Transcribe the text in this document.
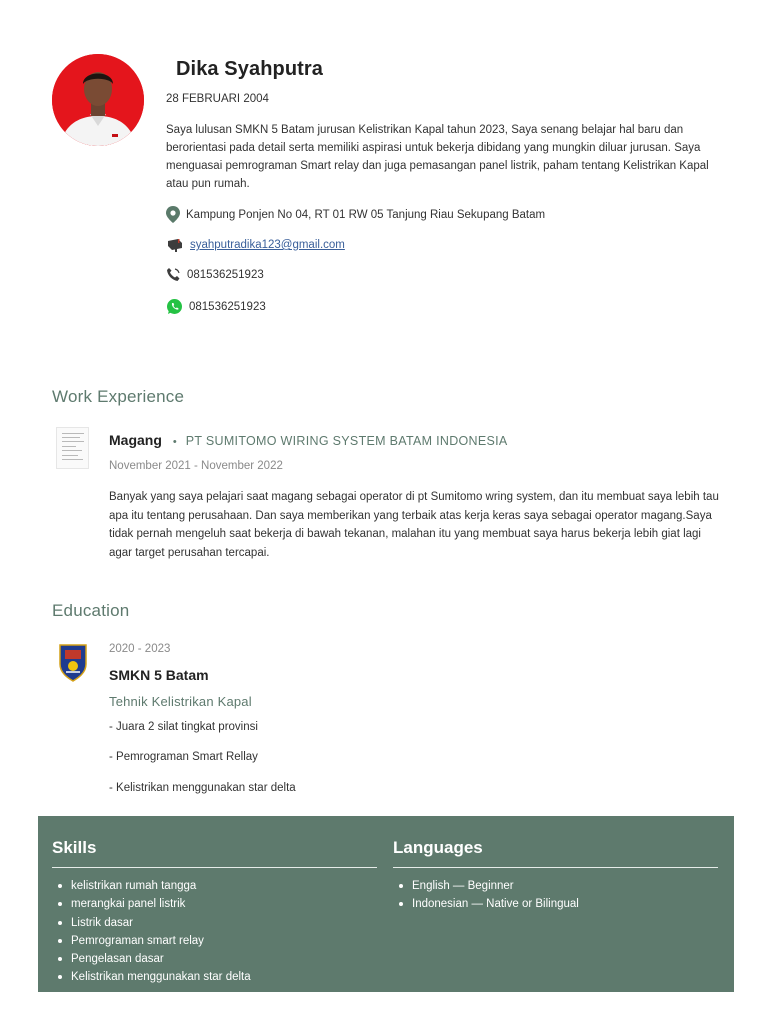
Dika Syahputra
28 FEBRUARI 2004
Saya lulusan SMKN 5 Batam jurusan Kelistrikan Kapal tahun 2023, Saya senang belajar hal baru dan berorientasi pada detail serta memiliki aspirasi untuk bekerja dibidang yang mungkin diluar jurusan. Saya menguasai pemrograman Smart relay dan juga pemasangan panel listrik, paham tentang Kelistrikan Kapal atau pun rumah.
Kampung Ponjen No 04, RT 01 RW 05 Tanjung Riau Sekupang Batam
syahputradika123@gmail.com
081536251923
081536251923
Work Experience
Magang • PT SUMITOMO WIRING SYSTEM BATAM INDONESIA
November 2021 - November 2022
Banyak yang saya pelajari saat magang sebagai operator di pt Sumitomo wring system, dan itu membuat saya lebih tau apa itu tentang perusahaan. Dan saya memberikan yang terbaik atas kerja keras saya sebagai operator magang.Saya tidak pernah mengeluh saat bekerja di bawah tekanan, malahan itu yang membuat saya harus bekerja lebih giat lagi agar target perusahan tercapai.
Education
2020 - 2023
SMKN 5 Batam
Tehnik Kelistrikan Kapal
- Juara 2 silat tingkat provinsi
- Pemrograman Smart Rellay
- Kelistrikan menggunakan star delta
Skills
kelistrikan rumah tangga
merangkai panel listrik
Listrik dasar
Pemrograman smart relay
Pengelasan dasar
Kelistrikan menggunakan star delta
Languages
English — Beginner
Indonesian — Native or Bilingual
